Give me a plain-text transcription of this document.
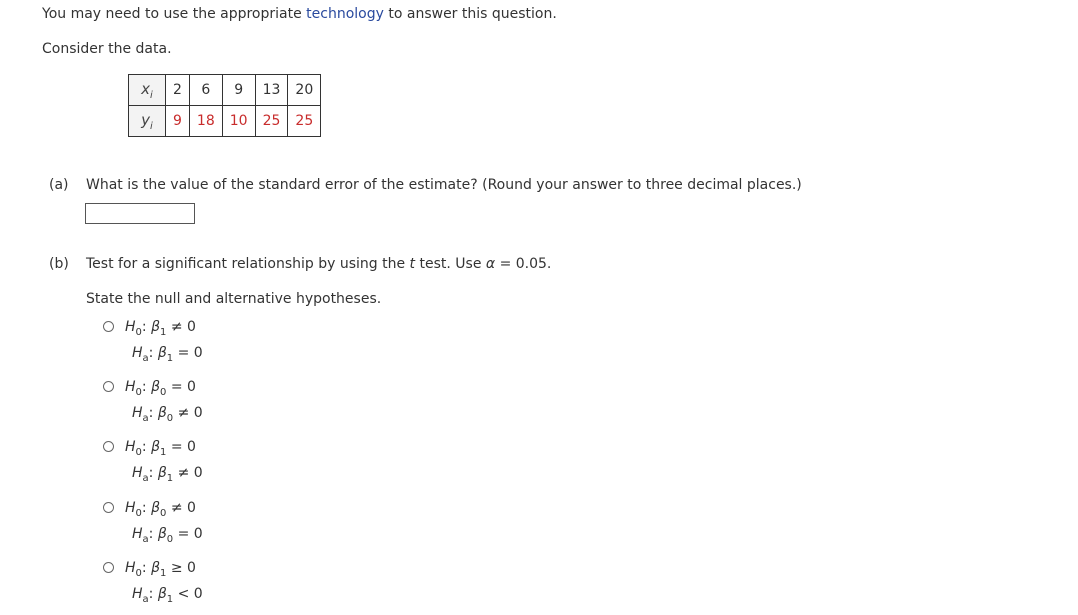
You may need to use the appropriate technology to answer this question.
Consider the data.
$x_i$	2	6	9	13	20
$y_i$	9	18	10	25	25
(a) What is the value of the standard error of the estimate? (Round your answer to three decimal places.)
(b) Test for a significant relationship by using the t test. Use α = 0.05.
State the null and alternative hypotheses.
$H_0$: $\beta_1 \ne 0$
$H_a$: $\beta_1 = 0$
$H_0$: $\beta_0 = 0$
$H_a$: $\beta_0 \ne 0$
$H_0$: $\beta_1 = 0$
$H_a$: $\beta_1 \ne 0$
$H_0$: $\beta_0 \ne 0$
$H_a$: $\beta_0 = 0$
$H_0$: $\beta_1 \ge 0$
$H_a$: $\beta_1 < 0$
